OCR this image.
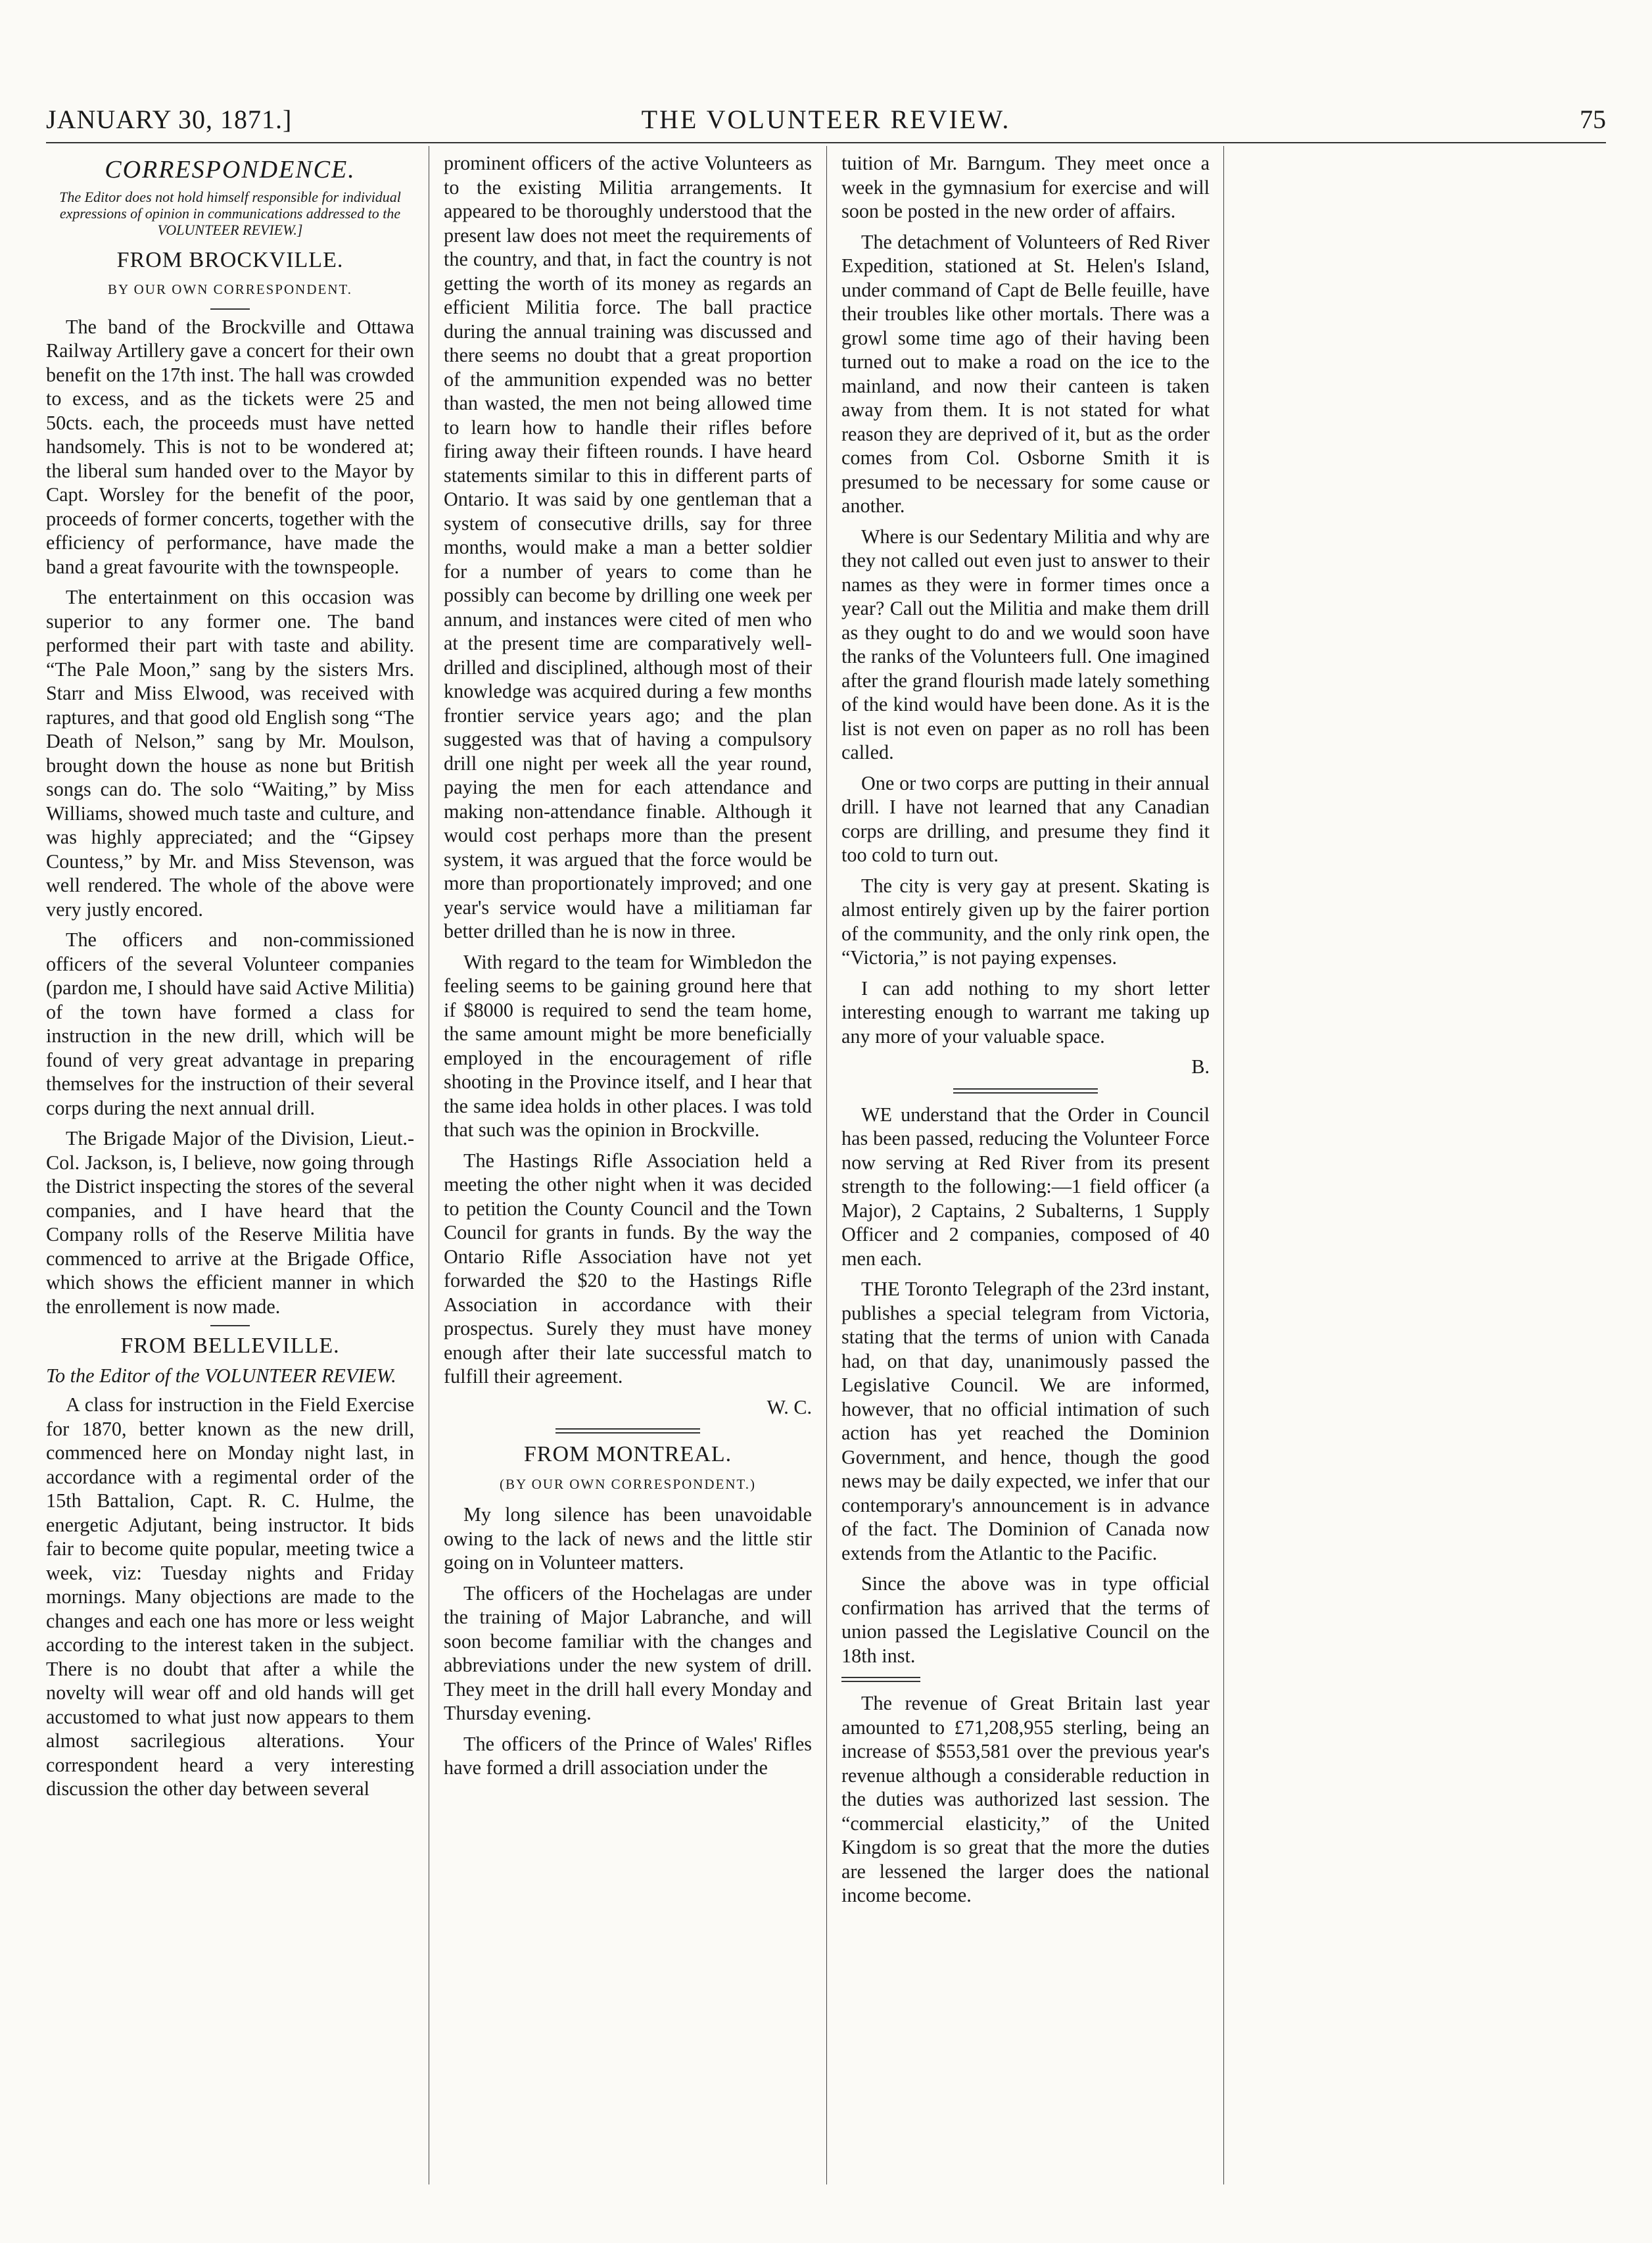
JANUARY 30, 1871.]	THE VOLUNTEER REVIEW.	75
CORRESPONDENCE.
The Editor does not hold himself responsible for individual expressions of opinion in communications addressed to the VOLUNTEER REVIEW.]
FROM BROCKVILLE.
BY OUR OWN CORRESPONDENT.

The band of the Brockville and Ottawa Railway Artillery gave a concert for their own benefit on the 17th inst. The hall was crowded to excess, and as the tickets were 25 and 50cts. each, the proceeds must have netted handsomely. This is not to be wondered at; the liberal sum handed over to the Mayor by Capt. Worsley for the benefit of the poor, proceeds of former concerts, together with the efficiency of performance, have made the band a great favourite with the townspeople.

The entertainment on this occasion was superior to any former one. The band performed their part with taste and ability. “The Pale Moon,” sang by the sisters Mrs. Starr and Miss Elwood, was received with raptures, and that good old English song “The Death of Nelson,” sang by Mr. Moulson, brought down the house as none but British songs can do. The solo “Waiting,” by Miss Williams, showed much taste and culture, and was highly appreciated; and the “Gipsey Countess,” by Mr. and Miss Stevenson, was well rendered. The whole of the above were very justly encored.

The officers and non-commissioned officers of the several Volunteer companies (pardon me, I should have said Active Militia) of the town have formed a class for instruction in the new drill, which will be found of very great advantage in preparing themselves for the instruction of their several corps during the next annual drill.

The Brigade Major of the Division, Lieut.-Col. Jackson, is, I believe, now going through the District inspecting the stores of the several companies, and I have heard that the Company rolls of the Reserve Militia have commenced to arrive at the Brigade Office, which shows the efficient manner in which the enrollement is now made.

FROM BELLEVILLE.
To the Editor of the VOLUNTEER REVIEW.

A class for instruction in the Field Exercise for 1870, better known as the new drill, commenced here on Monday night last, in accordance with a regimental order of the 15th Battalion, Capt. R. C. Hulme, the energetic Adjutant, being instructor. It bids fair to become quite popular, meeting twice a week, viz: Tuesday nights and Friday mornings. Many objections are made to the changes and each one has more or less weight according to the interest taken in the subject. There is no doubt that after a while the novelty will wear off and old hands will get accustomed to what just now appears to them almost sacrilegious alterations. Your correspondent heard a very interesting discussion the other day between several

prominent officers of the active Volunteers as to the existing Militia arrangements. It appeared to be thoroughly understood that the present law does not meet the requirements of the country, and that, in fact the country is not getting the worth of its money as regards an efficient Militia force. The ball practice during the annual training was discussed and there seems no doubt that a great proportion of the ammunition expended was no better than wasted, the men not being allowed time to learn how to handle their rifles before firing away their fifteen rounds. I have heard statements similar to this in different parts of Ontario. It was said by one gentleman that a system of consecutive drills, say for three months, would make a man a better soldier for a number of years to come than he possibly can become by drilling one week per annum, and instances were cited of men who at the present time are comparatively well-drilled and disciplined, although most of their knowledge was acquired during a few months frontier service years ago; and the plan suggested was that of having a compulsory drill one night per week all the year round, paying the men for each attendance and making non-attendance finable. Although it would cost perhaps more than the present system, it was argued that the force would be more than proportionately improved; and one year's service would have a militiaman far better drilled than he is now in three.

With regard to the team for Wimbledon the feeling seems to be gaining ground here that if $8000 is required to send the team home, the same amount might be more beneficially employed in the encouragement of rifle shooting in the Province itself, and I hear that the same idea holds in other places. I was told that such was the opinion in Brockville.

The Hastings Rifle Association held a meeting the other night when it was decided to petition the County Council and the Town Council for grants in funds. By the way the Ontario Rifle Association have not yet forwarded the $20 to the Hastings Rifle Association in accordance with their prospectus. Surely they must have money enough after their late successful match to fulfill their agreement.

W. C.

FROM MONTREAL.
(BY OUR OWN CORRESPONDENT.)

My long silence has been unavoidable owing to the lack of news and the little stir going on in Volunteer matters.

The officers of the Hochelagas are under the training of Major Labranche, and will soon become familiar with the changes and abbreviations under the new system of drill. They meet in the drill hall every Monday and Thursday evening.

The officers of the Prince of Wales' Rifles have formed a drill association under the

tuition of Mr. Barngum. They meet once a week in the gymnasium for exercise and will soon be posted in the new order of affairs.

The detachment of Volunteers of Red River Expedition, stationed at St. Helen's Island, under command of Capt de Belle feuille, have their troubles like other mortals. There was a growl some time ago of their having been turned out to make a road on the ice to the mainland, and now their canteen is taken away from them. It is not stated for what reason they are deprived of it, but as the order comes from Col. Osborne Smith it is presumed to be necessary for some cause or another.

Where is our Sedentary Militia and why are they not called out even just to answer to their names as they were in former times once a year? Call out the Militia and make them drill as they ought to do and we would soon have the ranks of the Volunteers full. One imagined after the grand flourish made lately something of the kind would have been done. As it is the list is not even on paper as no roll has been called.

One or two corps are putting in their annual drill. I have not learned that any Canadian corps are drilling, and presume they find it too cold to turn out.

The city is very gay at present. Skating is almost entirely given up by the fairer portion of the community, and the only rink open, the “Victoria,” is not paying expenses.

I can add nothing to my short letter interesting enough to warrant me taking up any more of your valuable space.

B.

WE understand that the Order in Council has been passed, reducing the Volunteer Force now serving at Red River from its present strength to the following:—1 field officer (a Major), 2 Captains, 2 Subalterns, 1 Supply Officer and 2 companies, composed of 40 men each.

THE Toronto Telegraph of the 23rd instant, publishes a special telegram from Victoria, stating that the terms of union with Canada had, on that day, unanimously passed the Legislative Council. We are informed, however, that no official intimation of such action has yet reached the Dominion Government, and hence, though the good news may be daily expected, we infer that our contemporary's announcement is in advance of the fact. The Dominion of Canada now extends from the Atlantic to the Pacific.

Since the above was in type official confirmation has arrived that the terms of union passed the Legislative Council on the 18th inst.

The revenue of Great Britain last year amounted to £71,208,955 sterling, being an increase of $553,581 over the previous year's revenue although a considerable reduction in the duties was authorized last session. The “commercial elasticity,” of the United Kingdom is so great that the more the duties are lessened the larger does the national income become.
